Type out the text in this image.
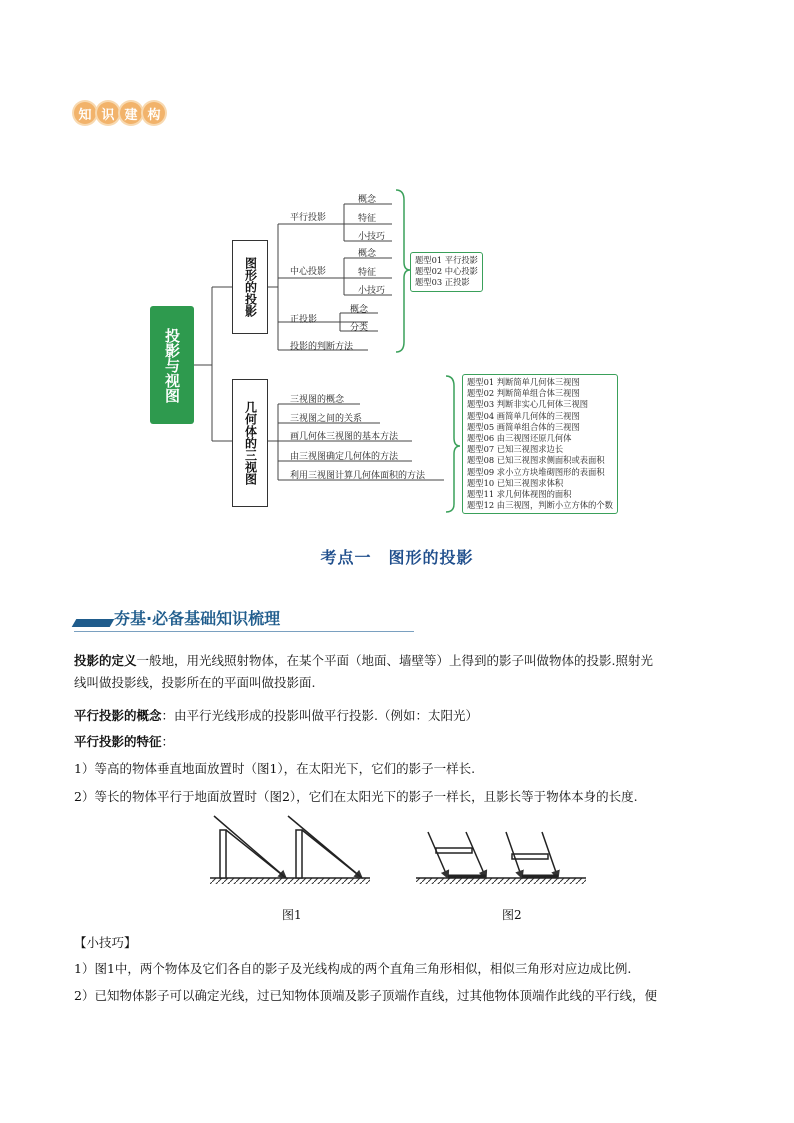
知 识 建 构
投影与视图
图形的投影
几何体的三视图
平行投影
中心投影
正投影
投影的判断方法
概念
特征
小技巧
概念
特征
小技巧
概念
分类
题型01 平行投影
题型02 中心投影
题型03 正投影
三视图的概念
三视图之间的关系
画几何体三视图的基本方法
由三视图确定几何体的方法
利用三视图计算几何体面积的方法
题型01 判断简单几何体三视图
题型02 判断简单组合体三视图
题型03 判断非实心几何体三视图
题型04 画简单几何体的三视图
题型05 画简单组合体的三视图
题型06 由三视图还原几何体
题型07 已知三视图求边长
题型08 已知三视图求侧面积或表面积
题型09 求小立方块堆砌图形的表面积
题型10 已知三视图求体积
题型11 求几何体视图的面积
题型12 由三视图，判断小立方体的个数
考点一　图形的投影
夯基·必备基础知识梳理
投影的定义一般地，用光线照射物体，在某个平面（地面、墙壁等）上得到的影子叫做物体的投影.照射光
线叫做投影线，投影所在的平面叫做投影面.
平行投影的概念：由平行光线形成的投影叫做平行投影.（例如：太阳光）
平行投影的特征：
1）等高的物体垂直地面放置时（图1），在太阳光下，它们的影子一样长.
2）等长的物体平行于地面放置时（图2），它们在太阳光下的影子一样长，且影长等于物体本身的长度.
图1	图2
【小技巧】
1）图1中，两个物体及它们各自的影子及光线构成的两个直角三角形相似，相似三角形对应边成比例.
2）已知物体影子可以确定光线，过已知物体顶端及影子顶端作直线，过其他物体顶端作此线的平行线，便
